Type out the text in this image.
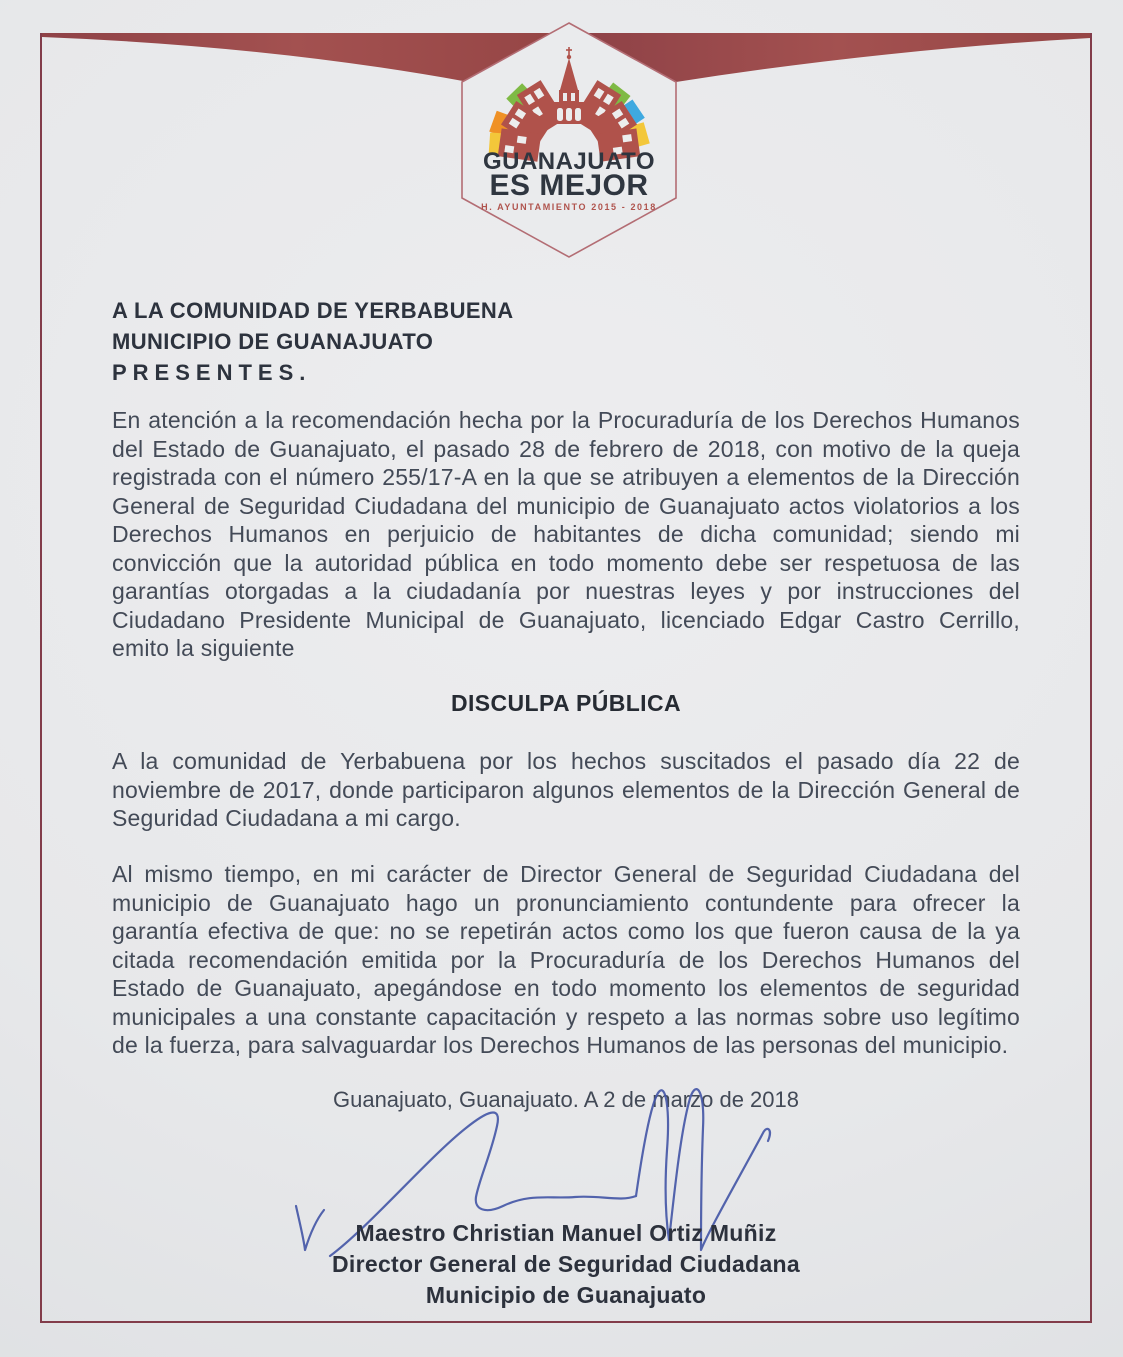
GUANAJUATO
ES MEJOR
H. AYUNTAMIENTO 2015 - 2018
A LA COMUNIDAD DE YERBABUENA
MUNICIPIO DE GUANAJUATO
PRESENTES.
En atención a la recomendación hecha por la Procuraduría de los Derechos Humanos del Estado de Guanajuato, el pasado 28 de febrero de 2018, con motivo de la queja registrada con el número 255/17-A en la que se atribuyen a elementos de la Dirección General de Seguridad Ciudadana del municipio de Guanajuato actos violatorios a los Derechos Humanos en perjuicio de habitantes de dicha comunidad; siendo mi convicción que la autoridad pública en todo momento debe ser respetuosa de las garantías otorgadas a la ciudadanía por nuestras leyes y por instrucciones del Ciudadano Presidente Municipal de Guanajuato, licenciado Edgar Castro Cerrillo, emito la siguiente
DISCULPA PÚBLICA
A la comunidad de Yerbabuena por los hechos suscitados el pasado día 22 de noviembre de 2017, donde participaron algunos elementos de la Dirección General de Seguridad Ciudadana a mi cargo.
Al mismo tiempo, en mi carácter de Director General de Seguridad Ciudadana del municipio de Guanajuato hago un pronunciamiento contundente para ofrecer la garantía efectiva de que: no se repetirán actos como los que fueron causa de la ya citada recomendación emitida por la Procuraduría de los Derechos Humanos del Estado de Guanajuato, apegándose en todo momento los elementos de seguridad municipales a una constante capacitación y respeto a las normas sobre uso legítimo de la fuerza, para salvaguardar los Derechos Humanos de las personas del municipio.
Guanajuato, Guanajuato. A 2 de marzo de 2018
Maestro Christian Manuel Ortiz Muñiz
Director General de Seguridad Ciudadana
Municipio de Guanajuato
